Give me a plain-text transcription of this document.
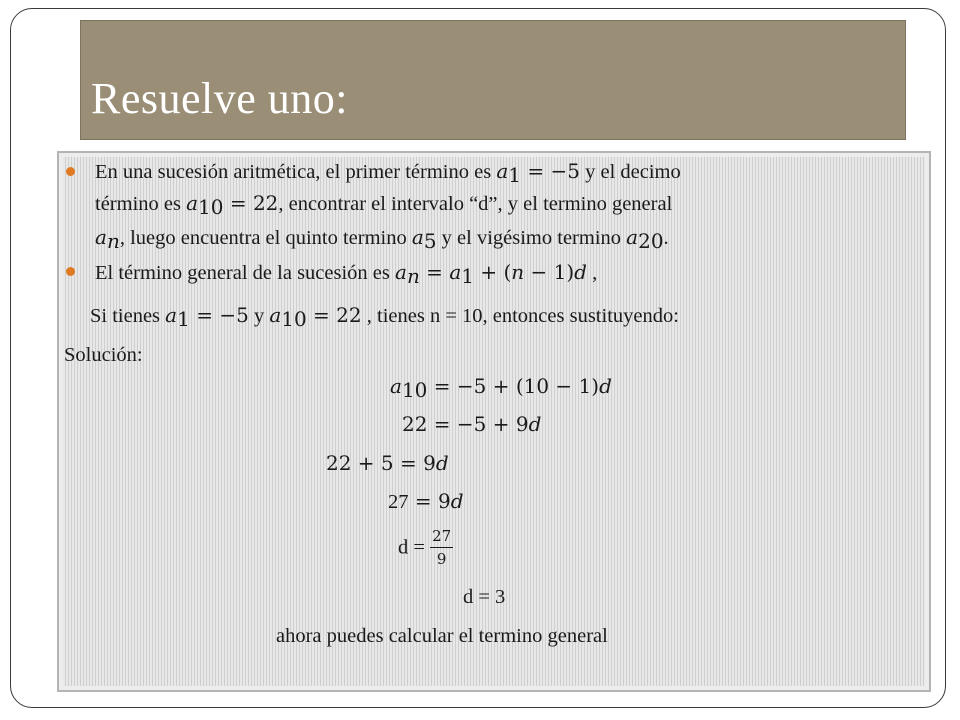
Resuelve uno:
En una sucesión aritmética, el primer término es $a_1 = -5$ y el decimo
término es $a_{10} = 22$, encontrar el intervalo “d”, y el termino general
$a_n$, luego encuentra el quinto termino $a_5$ y el vigésimo termino $a_{20}$.
El término general de la sucesión es $a_n = a_1 + (n - 1)d$ ,
Si tienes $a_1 = -5$ y $a_{10} = 22$ , tienes n = 10, entonces sustituyendo:
Solución:
$a_{10} = -5 + (10 - 1)d$
22 = −5 + 9d
22 + 5 = 9d
27 = 9d
$d = \frac{27}{9}$
d = 3
ahora puedes calcular el termino general
